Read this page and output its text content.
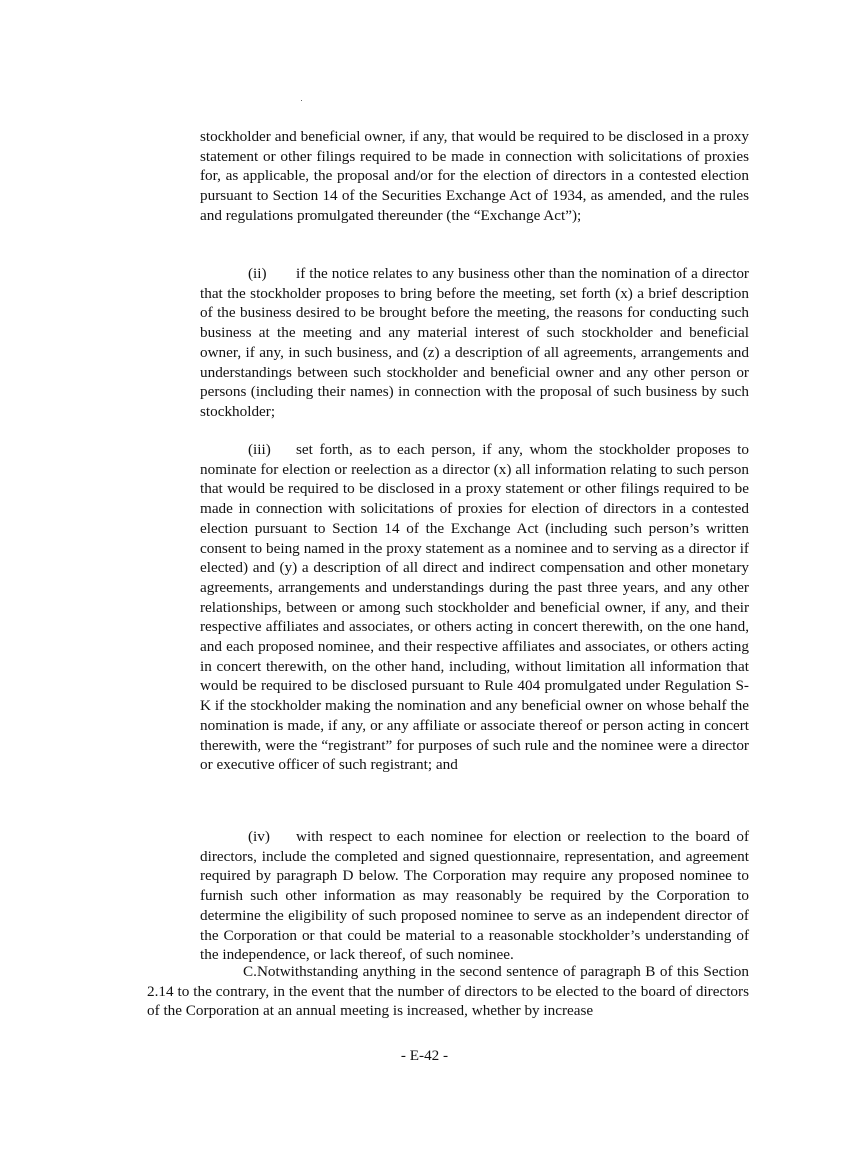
stockholder and beneficial owner, if any, that would be required to be disclosed in a proxy statement or other filings required to be made in connection with solicitations of proxies for, as applicable, the proposal and/or for the election of directors in a contested election pursuant to Section 14 of the Securities Exchange Act of 1934, as amended, and the rules and regulations promulgated thereunder (the “Exchange Act”);

(ii) if the notice relates to any business other than the nomination of a director that the stockholder proposes to bring before the meeting, set forth (x) a brief description of the business desired to be brought before the meeting, the reasons for conducting such business at the meeting and any material interest of such stockholder and beneficial owner, if any, in such business, and (z) a description of all agreements, arrangements and understandings between such stockholder and beneficial owner and any other person or persons (including their names) in connection with the proposal of such business by such stockholder;

(iii) set forth, as to each person, if any, whom the stockholder proposes to nominate for election or reelection as a director (x) all information relating to such person that would be required to be disclosed in a proxy statement or other filings required to be made in connection with solicitations of proxies for election of directors in a contested election pursuant to Section 14 of the Exchange Act (including such person’s written consent to being named in the proxy statement as a nominee and to serving as a director if elected) and (y) a description of all direct and indirect compensation and other monetary agreements, arrangements and understandings during the past three years, and any other relationships, between or among such stockholder and beneficial owner, if any, and their respective affiliates and associates, or others acting in concert therewith, on the one hand, and each proposed nominee, and their respective affiliates and associates, or others acting in concert therewith, on the other hand, including, without limitation all information that would be required to be disclosed pursuant to Rule 404 promulgated under Regulation S-K if the stockholder making the nomination and any beneficial owner on whose behalf the nomination is made, if any, or any affiliate or associate thereof or person acting in concert therewith, were the “registrant” for purposes of such rule and the nominee were a director or executive officer of such registrant; and

(iv) with respect to each nominee for election or reelection to the board of directors, include the completed and signed questionnaire, representation, and agreement required by paragraph D below. The Corporation may require any proposed nominee to furnish such other information as may reasonably be required by the Corporation to determine the eligibility of such proposed nominee to serve as an independent director of the Corporation or that could be material to a reasonable stockholder’s understanding of the independence, or lack thereof, of such nominee.

C.Notwithstanding anything in the second sentence of paragraph B of this Section 2.14 to the contrary, in the event that the number of directors to be elected to the board of directors of the Corporation at an annual meeting is increased, whether by increase

- E-42 -
